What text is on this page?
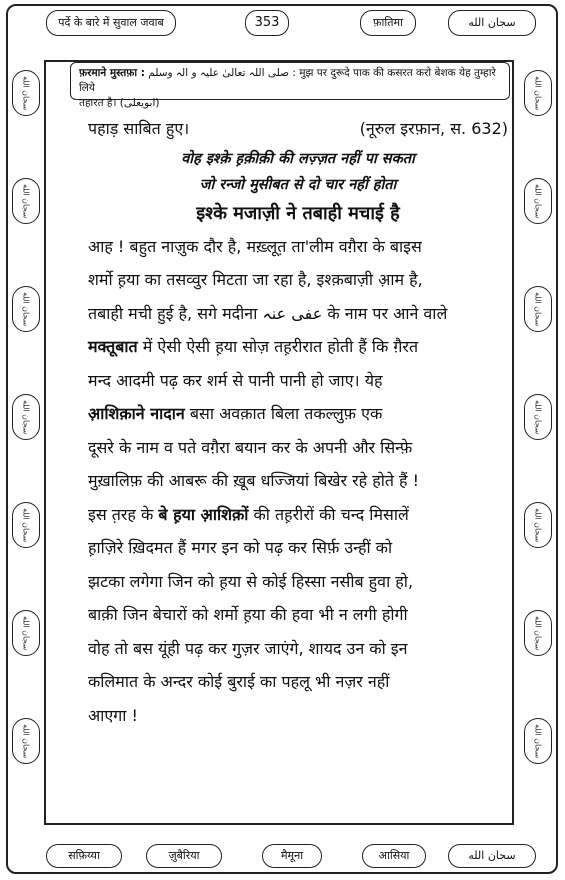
पर्दे के बारे में सुवाल जवाब	353	फ़ातिमा	سجان الله
سجان الله
سجان الله
سجان الله
سجان الله
سجان الله
سجان الله
سجان الله
سجان الله
سجان الله
سجان الله
سجان الله
سجان الله
سجان الله
سجان الله
फ़रमाने मुस्तफ़ा : صلی اللہ تعالیٰ علیہ و الہ وسلم : मुझ पर दुरूदे पाक की कसरत करो बेशक येह तुम्हारे लिये
तहारत है। (ابویعلی)
पहाड़ साबित हुए।	(नूरुल इरफ़ान, स. 632)
वोह इश्क़े ह़क़ीक़ी की लज़्ज़त नहीं पा सकता
जो रन्जो मुसीबत से दो चार नहीं होता
इश्के मजाज़ी ने तबाही मचाई है
आह ! बहुत नाज़ुक दौर है, मख़्लूत़ ता'लीम वग़ैरा के बाइस
शर्मो ह़या का तसव्वुर मिटता जा रहा है, इश्क़बाज़ी आ़म है,
तबाही मची हुई है, सगे मदीना عفی عنہ के नाम पर आने वाले
मक्तूबात में ऐसी ऐसी ह़या सोज़ तह़रीरात होती हैं कि ग़ैरत
मन्द आदमी पढ़ कर शर्म से पानी पानी हो जाए। येह
आ़शिक़ाने नादान बसा अवक़ात बिला तकल्लुफ़ एक
दूसरे के नाम व पते वग़ैरा बयान कर के अपनी और सिन्फ़े
मुख़ालिफ़ की आबरू की ख़ूब धज्जियां बिखेर रहे होते हैं !
इस त़रह के बे ह़या आ़शिक़ों की तह़रीरों की चन्द मिसालें
ह़ाज़िरे ख़िदमत हैं मगर इन को पढ़ कर सिर्फ़ उन्हीं को
झटका लगेगा जिन को ह़या से कोई हिस्सा नसीब हुवा हो,
बाक़ी जिन बेचारों को शर्मो ह़या की हवा भी न लगी होगी
वोह तो बस यूंही पढ़ कर गुज़र जाएंगे, शायद उन को इन
कलिमात के अन्दर कोई बुराई का पहलू भी नज़र नहीं
आएगा !
सफ़िय्या	ज़ुबैरिया	मैमूना	आसिया	سجان الله
